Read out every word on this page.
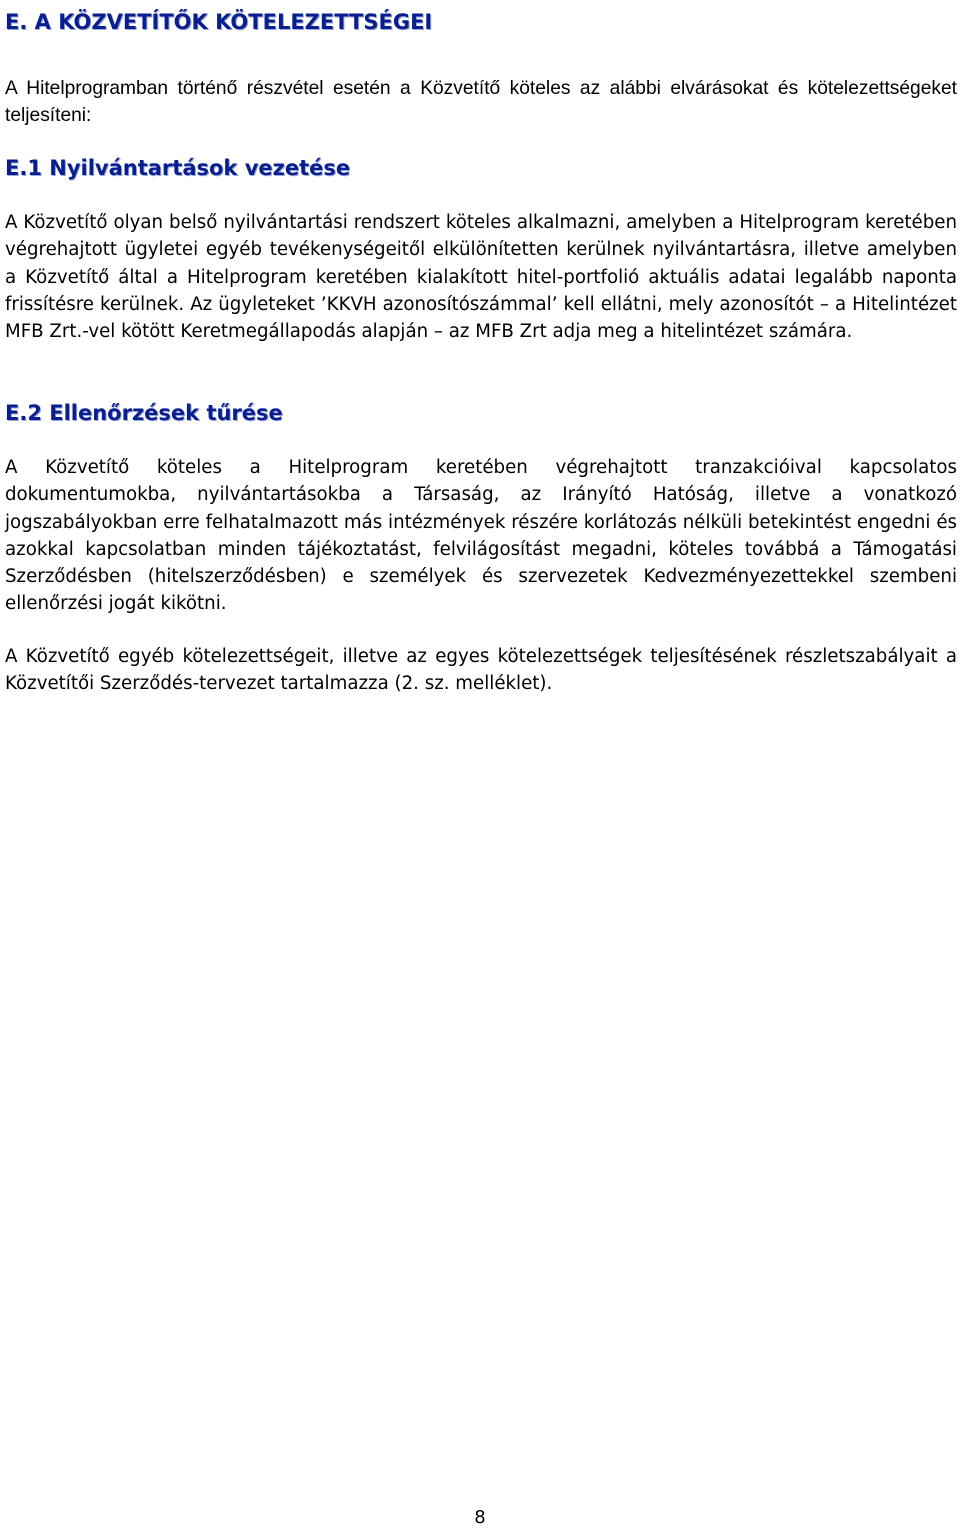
E. A KÖZVETÍTŐK KÖTELEZETTSÉGEI

A Hitelprogramban történő részvétel esetén a Közvetítő köteles az alábbi elvárásokat és kötelezettségeket teljesíteni:

E.1 Nyilvántartások vezetése

A Közvetítő olyan belső nyilvántartási rendszert köteles alkalmazni, amelyben a Hitelprogram keretében végrehajtott ügyletei egyéb tevékenységeitől elkülönítetten kerülnek nyilvántartásra, illetve amelyben a Közvetítő által a Hitelprogram keretében kialakított hitel-portfolió aktuális adatai legalább naponta frissítésre kerülnek. Az ügyleteket ’KKVH azonosítószámmal’ kell ellátni, mely azonosítót – a Hitelintézet MFB Zrt.-vel kötött Keretmegállapodás alapján – az MFB Zrt adja meg a hitelintézet számára.

E.2 Ellenőrzések tűrése

A Közvetítő köteles a Hitelprogram keretében végrehajtott tranzakcióival kapcsolatos dokumentumokba, nyilvántartásokba a Társaság, az Irányító Hatóság, illetve a vonatkozó jogszabályokban erre felhatalmazott más intézmények részére korlátozás nélküli betekintést engedni és azokkal kapcsolatban minden tájékoztatást, felvilágosítást megadni, köteles továbbá a Támogatási Szerződésben (hitelszerződésben) e személyek és szervezetek Kedvezményezettekkel szembeni ellenőrzési jogát kikötni.

A Közvetítő egyéb kötelezettségeit, illetve az egyes kötelezettségek teljesítésének részletszabályait a Közvetítői Szerződés-tervezet tartalmazza (2. sz. melléklet).

8
